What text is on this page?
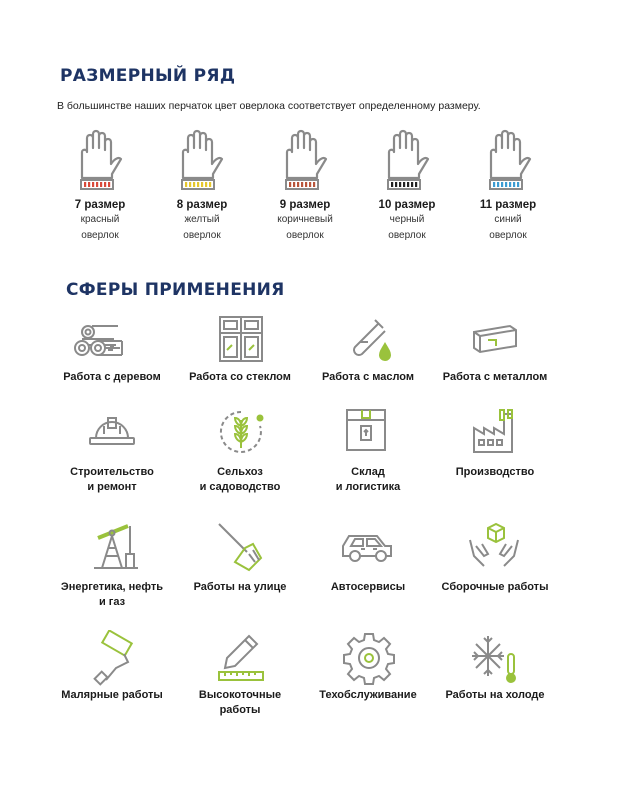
РАЗМЕРНЫЙ РЯД

В большинстве наших перчаток цвет оверлока соответствует определенному размеру.

7 размер
красный
оверлок
8 размер
желтый
оверлок
9 размер
коричневый
оверлок
10 размер
черный
оверлок
11 размер
синий
оверлок
СФЕРЫ ПРИМЕНЕНИЯ
Работа с деревом	Работа со стеклом	Работа с маслом	Работа с металлом
Строительство
и ремонт
Сельхоз
и садоводство
Склад
и логистика
Производство
Энергетика, нефть
и газ
Работы на улице	Автосервисы	Сборочные работы
Малярные работы	Высокоточные
работы
Техобслуживание	Работы на холоде
